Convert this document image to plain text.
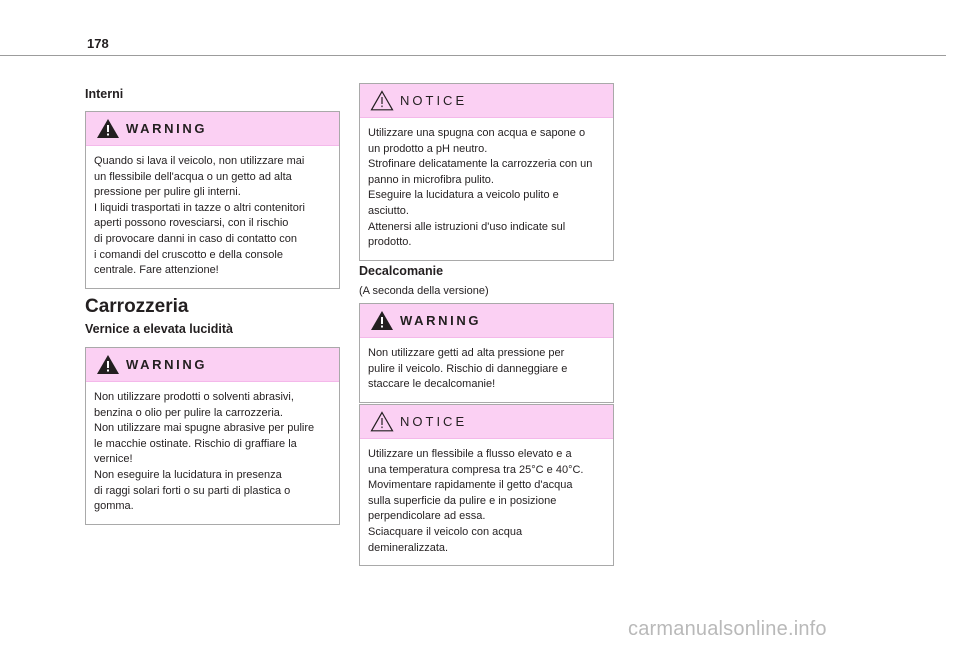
178
Interni
WARNING
Quando si lava il veicolo, non utilizzare mai
un flessibile dell'acqua o un getto ad alta
pressione per pulire gli interni.
I liquidi trasportati in tazze o altri contenitori
aperti possono rovesciarsi, con il rischio
di provocare danni in caso di contatto con
i comandi del cruscotto e della console
centrale. Fare attenzione!
Carrozzeria
Vernice a elevata lucidità
WARNING
Non utilizzare prodotti o solventi abrasivi,
benzina o olio per pulire la carrozzeria.
Non utilizzare mai spugne abrasive per pulire
le macchie ostinate. Rischio di graffiare la
vernice!
Non eseguire la lucidatura in presenza
di raggi solari forti o su parti di plastica o
gomma.
NOTICE
Utilizzare una spugna con acqua e sapone o
un prodotto a pH neutro.
Strofinare delicatamente la carrozzeria con un
panno in microfibra pulito.
Eseguire la lucidatura a veicolo pulito e
asciutto.
Attenersi alle istruzioni d'uso indicate sul
prodotto.
Decalcomanie
(A seconda della versione)
WARNING
Non utilizzare getti ad alta pressione per
pulire il veicolo. Rischio di danneggiare e
staccare le decalcomanie!
NOTICE
Utilizzare un flessibile a flusso elevato e a
una temperatura compresa tra 25°C e 40°C.
Movimentare rapidamente il getto d'acqua
sulla superficie da pulire e in posizione
perpendicolare ad essa.
Sciacquare il veicolo con acqua
demineralizzata.
carmanualsonline.info
